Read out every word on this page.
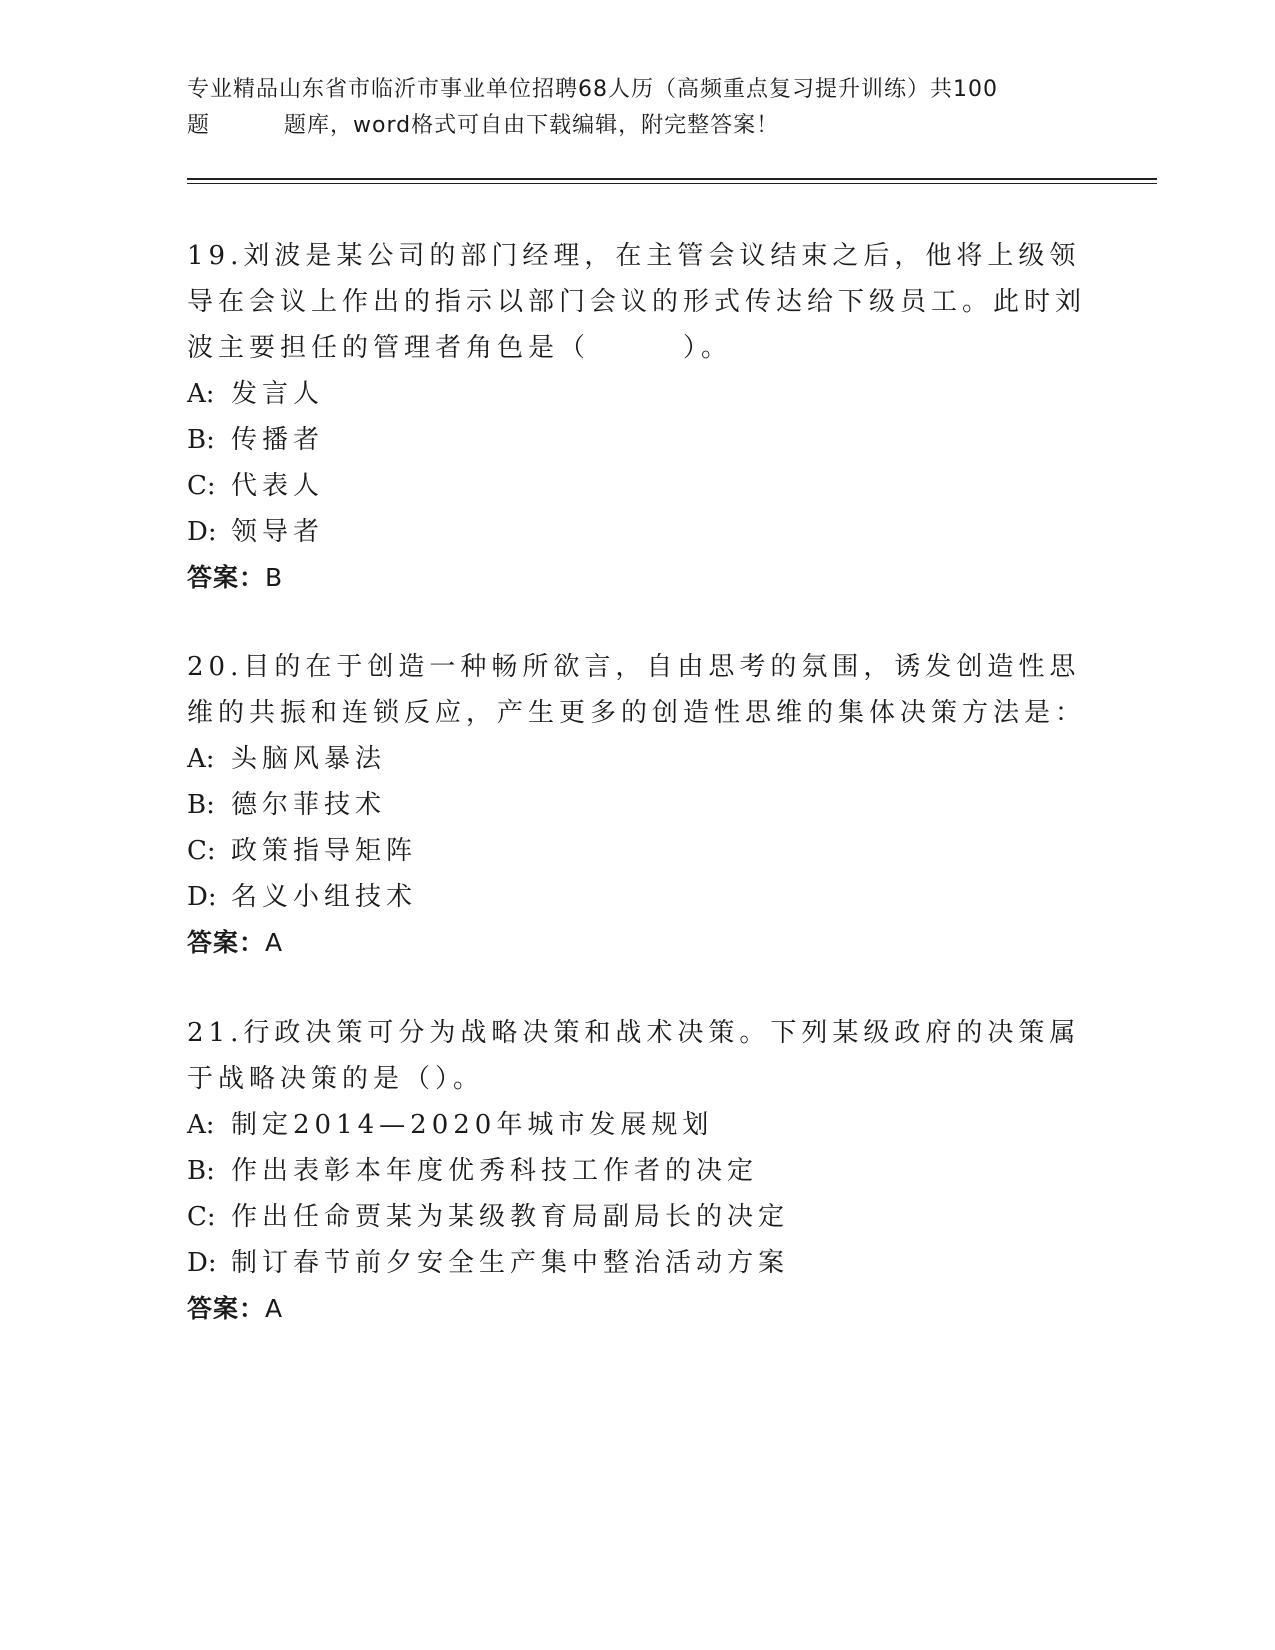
专业精品山东省市临沂市事业单位招聘68人历（高频重点复习提升训练）共100
题	题库，word格式可自由下载编辑，附完整答案！

19.刘波是某公司的部门经理，在主管会议结束之后，他将上级领导在会议上作出的指示以部门会议的形式传达给下级员工。此时刘波主要担任的管理者角色是（　　　）。

A: 发言人
B: 传播者
C: 代表人
D: 领导者
答案：B

20.目的在于创造一种畅所欲言，自由思考的氛围，诱发创造性思维的共振和连锁反应，产生更多的创造性思维的集体决策方法是：

A: 头脑风暴法
B: 德尔菲技术
C: 政策指导矩阵
D: 名义小组技术
答案：A

21.行政决策可分为战略决策和战术决策。下列某级政府的决策属于战略决策的是（）。

A: 制定2014—2020年城市发展规划
B: 作出表彰本年度优秀科技工作者的决定
C: 作出任命贾某为某级教育局副局长的决定
D: 制订春节前夕安全生产集中整治活动方案
答案：A
